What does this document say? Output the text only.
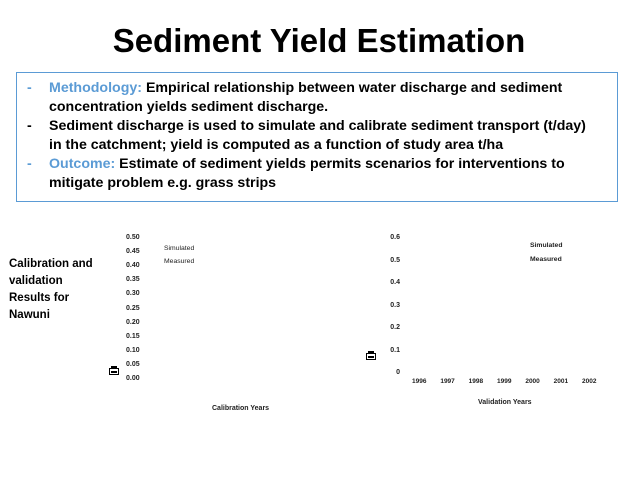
Sediment Yield Estimation
- Methodology: Empirical relationship between water discharge and sediment
concentration yields sediment discharge.
- Sediment discharge is used to simulate and calibrate sediment transport (t/day)
in the catchment; yield is computed as a function of study area t/ha
- Outcome: Estimate of sediment yields permits scenarios for interventions to
mitigate problem e.g. grass strips
Calibration and
validation
Results for
Nawuni
0.50
0.45
0.40
0.35
0.30
0.25
0.20
0.15
0.10
0.05
0.00
Simulated
Measured
Calibration Years
0.6
0.5
0.4
0.3
0.2
0.1
0
1996 1997 1998 1999 2000 2001 2002
Simulated
Measured
Validation Years
